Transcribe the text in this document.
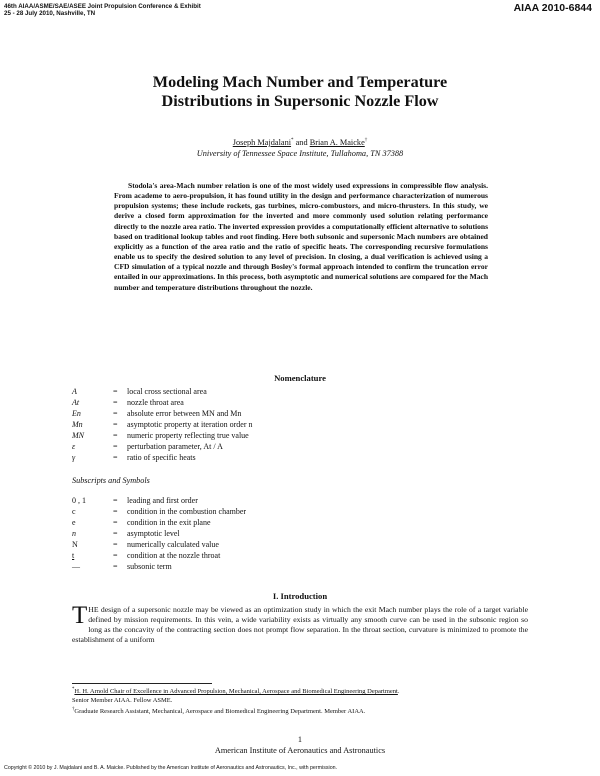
46th AIAA/ASME/SAE/ASEE Joint Propulsion Conference & Exhibit
25 - 28 July 2010, Nashville, TN	AIAA 2010-6844
Modeling Mach Number and Temperature
Distributions in Supersonic Nozzle Flow
Joseph Majdalani* and Brian A. Maicke†
University of Tennessee Space Institute, Tullahoma, TN 37388
Stodola's area-Mach number relation is one of the most widely used expressions in compressible flow analysis. From academe to aero-propulsion, it has found utility in the design and performance characterization of numerous propulsion systems; these include rockets, gas turbines, micro-combustors, and micro-thrusters. In this study, we derive a closed form approximation for the inverted and more commonly used solution relating performance directly to the nozzle area ratio. The inverted expression provides a computationally efficient alternative to solutions based on traditional lookup tables and root finding. Here both subsonic and supersonic Mach numbers are obtained explicitly as a function of the area ratio and the ratio of specific heats. The corresponding recursive formulations enable us to specify the desired solution to any level of precision. In closing, a dual verification is achieved using a CFD simulation of a typical nozzle and through Bosley's formal approach intended to confirm the truncation error entailed in our approximations. In this process, both asymptotic and numerical solutions are compared for the Mach number and temperature distributions throughout the nozzle.
Nomenclature
A	= local cross sectional area
At	= nozzle throat area
En	= absolute error between MN and Mn
Mn	= asymptotic property at iteration order n
MN	= numeric property reflecting true value
ε	= perturbation parameter, At / A
γ	= ratio of specific heats
Subscripts and Symbols
0 , 1	= leading and first order
c	= condition in the combustion chamber
e	= condition in the exit plane
n	= asymptotic level
N	= numerically calculated value
t	= condition at the nozzle throat
—	= subsonic term
I. Introduction
THE design of a supersonic nozzle may be viewed as an optimization study in which the exit Mach number plays the role of a target variable defined by mission requirements. In this vein, a wide variability exists as virtually any smooth curve can be used in the subsonic region so long as the concavity of the contracting section does not prompt flow separation. In the throat section, curvature is minimized to promote the establishment of a uniform
*H. H. Arnold Chair of Excellence in Advanced Propulsion, Mechanical, Aerospace and Biomedical Engineering Department.
Senior Member AIAA. Fellow ASME.
†Graduate Research Assistant, Mechanical, Aerospace and Biomedical Engineering Department. Member AIAA.
1
American Institute of Aeronautics and Astronautics
Copyright © 2010 by J. Majdalani and B. A. Maicke. Published by the American Institute of Aeronautics and Astronautics, Inc., with permission.
